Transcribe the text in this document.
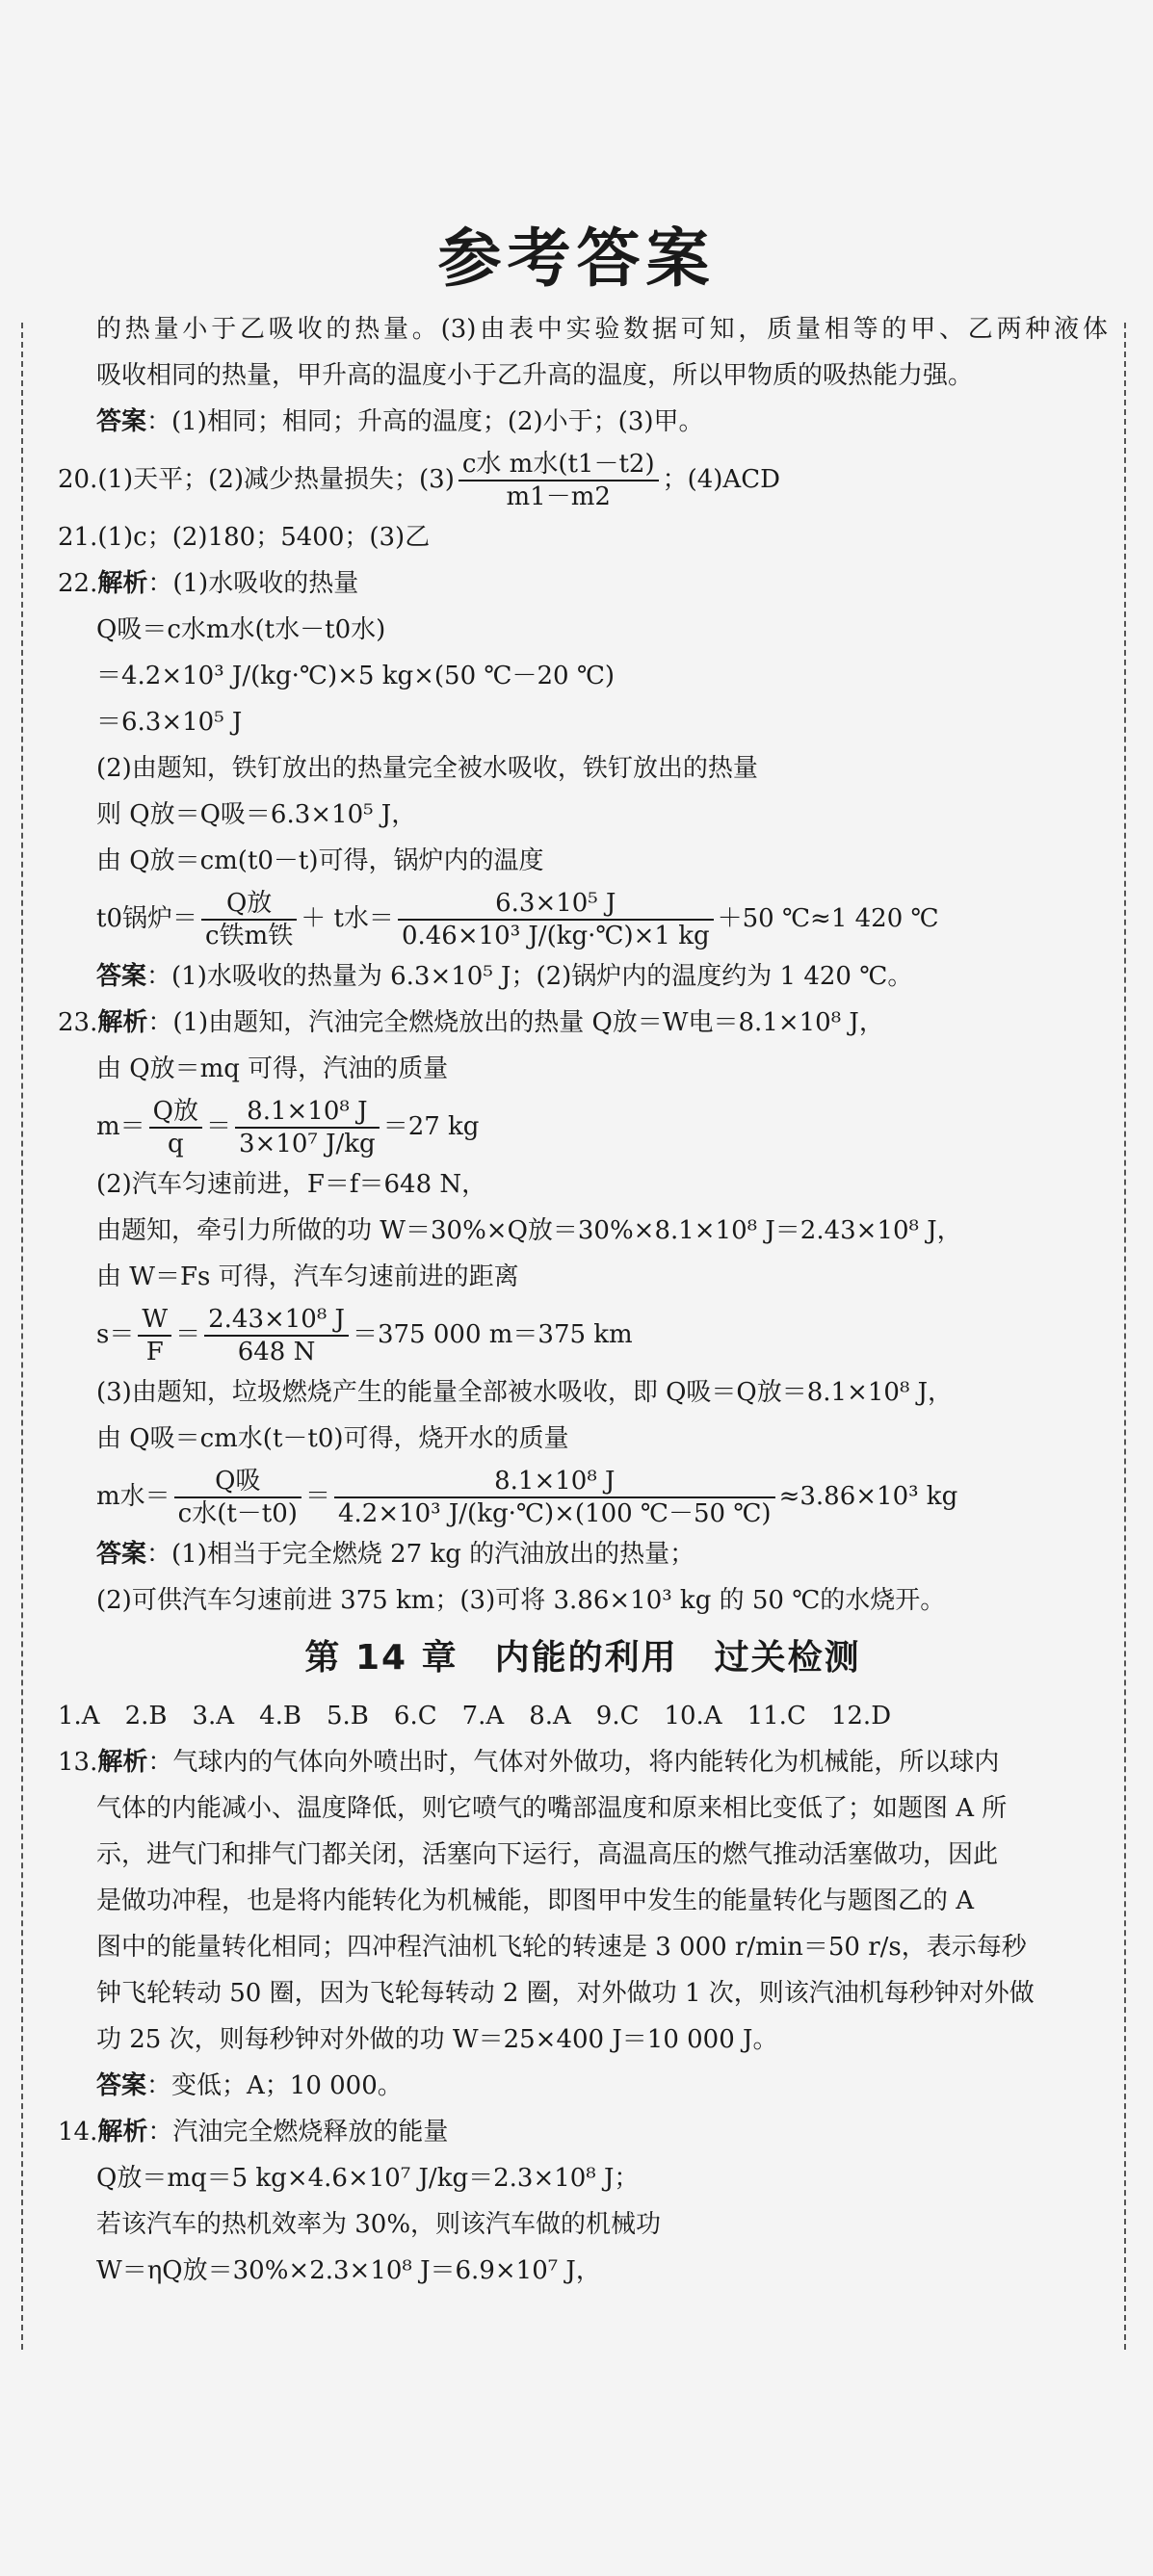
参考答案
的热量小于乙吸收的热量。(3)由表中实验数据可知，质量相等的甲、乙两种液体
吸收相同的热量，甲升高的温度小于乙升高的温度，所以甲物质的吸热能力强。
答案：(1)相同；相同；升高的温度；(2)小于；(3)甲。
20.(1)天平；(2)减少热量损失；$(3) \frac{\text{c水 m水(t1－t2)}}{m1-m2}$ ；(4)ACD
21.(1)c；(2)180；5400；(3)乙
22.解析：(1)水吸收的热量
Q吸＝c水m水(t水－t0水)
＝4.2×10³ J/(kg·℃)×5 kg×(50 ℃－20 ℃)
＝6.3×10⁵ J
(2)由题知，铁钉放出的热量完全被水吸收，铁钉放出的热量
则 Q放＝Q吸＝6.3×10⁵ J，
由 Q放＝cm(t0－t)可得，锅炉内的温度
t0锅炉＝ $\frac{\text{Q放}}{\text{c铁m铁}} + t$水＝ $\frac{\text{6.3×10⁵ J}}{\text{0.46×10³ J/(kg·℃)×1 kg}} +50$ ℃≈1 420 ℃
答案：(1)水吸收的热量为 6.3×10⁵ J；(2)锅炉内的温度约为 1 420 ℃。
23.解析：(1)由题知，汽油完全燃烧放出的热量 Q放＝W电＝8.1×10⁸ J，
由 Q放＝mq 可得，汽油的质量
$m= \frac{\text{Q放}}{q} = \frac{\text{8.1×10⁸ J}}{\text{3×10⁷ J/kg}} =27$ kg
(2)汽车匀速前进，F＝f＝648 N，
由题知，牵引力所做的功 W＝30%×Q放＝30%×8.1×10⁸ J＝2.43×10⁸ J，
由 W＝Fs 可得，汽车匀速前进的距离
$s= \frac{W}{F} = \frac{\text{2.43×10⁸ J}}{648 N} =375$ 000 m＝375 km
(3)由题知，垃圾燃烧产生的能量全部被水吸收，即 Q吸＝Q放＝8.1×10⁸ J，
由 Q吸＝cm水(t－t0)可得，烧开水的质量
m水＝ $\frac{\text{Q吸}}{\text{c水(t－t0)}} = \frac{\text{8.1×10⁸ J}}{\text{4.2×10³ J/(kg·℃)×(100 ℃－50 ℃)}} \approx 3.86\times 10^3$ kg
答案：(1)相当于完全燃烧 27 kg 的汽油放出的热量；
(2)可供汽车匀速前进 375 km；(3)可将 3.86×10³ kg 的 50 ℃的水烧开。
第 14 章　内能的利用　过关检测
1.A　2.B　3.A　4.B　5.B　6.C　7.A　8.A　9.C　10.A　11.C　12.D
13.解析：气球内的气体向外喷出时，气体对外做功，将内能转化为机械能，所以球内
气体的内能减小、温度降低，则它喷气的嘴部温度和原来相比变低了；如题图 A 所
示，进气门和排气门都关闭，活塞向下运行，高温高压的燃气推动活塞做功，因此
是做功冲程，也是将内能转化为机械能，即图甲中发生的能量转化与题图乙的 A
图中的能量转化相同；四冲程汽油机飞轮的转速是 3 000 r/min＝50 r/s，表示每秒
钟飞轮转动 50 圈，因为飞轮每转动 2 圈，对外做功 1 次，则该汽油机每秒钟对外做
功 25 次，则每秒钟对外做的功 W＝25×400 J＝10 000 J。
答案：变低；A；10 000。
14.解析：汽油完全燃烧释放的能量
Q放＝mq＝5 kg×4.6×10⁷ J/kg＝2.3×10⁸ J；
若该汽车的热机效率为 30%，则该汽车做的机械功
W＝ηQ放＝30%×2.3×10⁸ J＝6.9×10⁷ J，
